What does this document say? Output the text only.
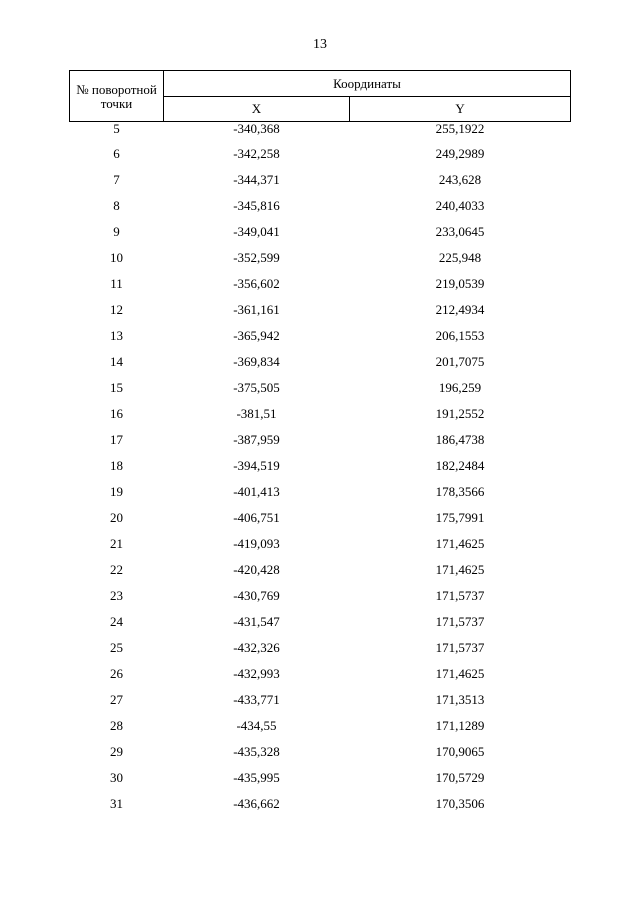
13
№ поворотной точки	Координаты	
	X	Y
5	-340,368	255,1922
6	-342,258	249,2989
7	-344,371	243,628
8	-345,816	240,4033
9	-349,041	233,0645
10	-352,599	225,948
11	-356,602	219,0539
12	-361,161	212,4934
13	-365,942	206,1553
14	-369,834	201,7075
15	-375,505	196,259
16	-381,51	191,2552
17	-387,959	186,4738
18	-394,519	182,2484
19	-401,413	178,3566
20	-406,751	175,7991
21	-419,093	171,4625
22	-420,428	171,4625
23	-430,769	171,5737
24	-431,547	171,5737
25	-432,326	171,5737
26	-432,993	171,4625
27	-433,771	171,3513
28	-434,55	171,1289
29	-435,328	170,9065
30	-435,995	170,5729
31	-436,662	170,3506
